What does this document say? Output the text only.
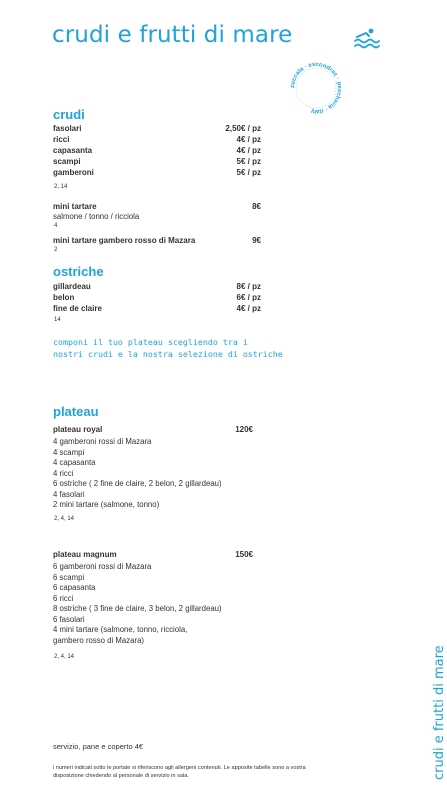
crudi e frutti di mare
zuccala · escondrac · pescheria · italy
crudi
fasolari	2,50€ / pz
ricci	4€ / pz
capasanta	4€ / pz
scampi	5€ / pz
gamberoni	5€ / pz
2, 14
mini tartare	8€
salmone / tonno / ricciola
4
mini tartare gambero rosso di Mazara	9€
2
ostriche
gillardeau	8€ / pz
belon	6€ / pz
fine de claire	4€ / pz
14
componi il tuo plateau scegliendo tra i
nostri crudi e la nostra selezione di ostriche
plateau
plateau royal	120€
4 gamberoni rossi di Mazara
4 scampi
4 capasanta
4 ricci
6 ostriche ( 2 fine de claire, 2 belon, 2 gillardeau)
4 fasolari
2 mini tartare (salmone, tonno)
2, 4, 14
plateau magnum	150€
6 gamberoni rossi di Mazara
6 scampi
6 capasanta
6 ricci
8 ostriche ( 3 fine de claire, 3 belon, 2 gillardeau)
6 fasolari
4 mini tartare (salmone, tonno, ricciola,
gambero rosso di Mazara)
2, 4, 14
servizio, pane e coperto 4€
i numeri indicati sotto le portate si riferiscono agli allergeni contenuti. Le apposite tabelle sono a vostra disposizione chiedendo al personale di servizio in sala.	crudi e frutti di mare
